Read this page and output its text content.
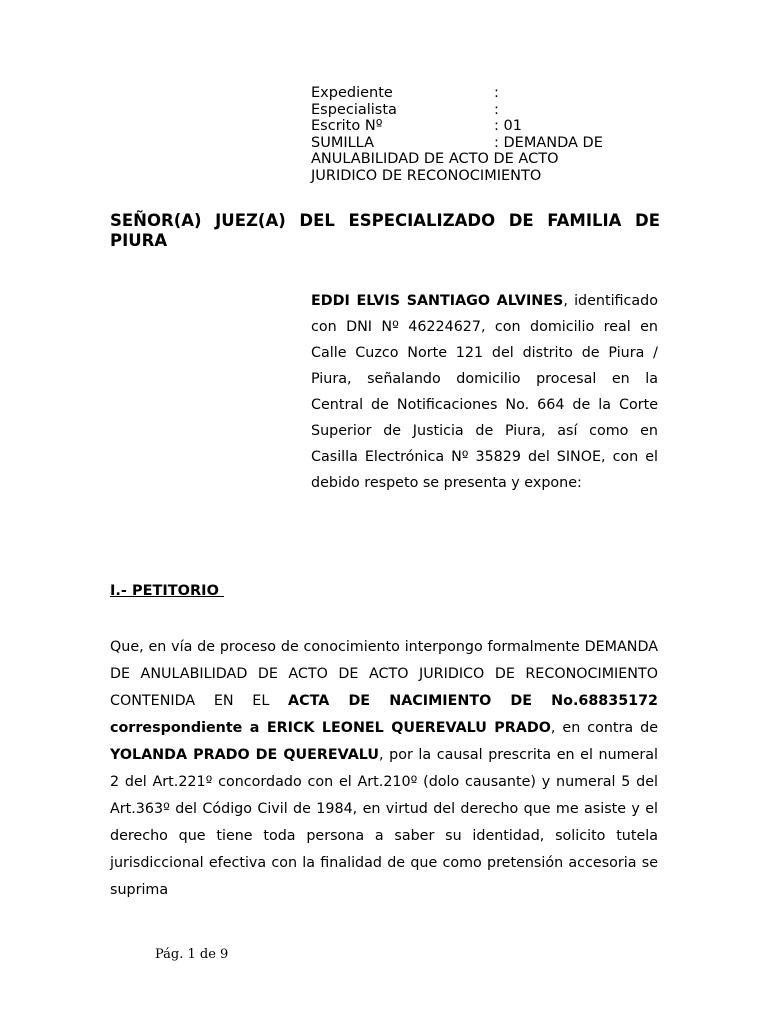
Expediente	:
Especialista	:
Escrito Nº	: 01
SUMILLA	: DEMANDA DE
ANULABILIDAD DE ACTO DE ACTO
JURIDICO DE RECONOCIMIENTO
SEÑOR(A) JUEZ(A) DEL ESPECIALIZADO DE FAMILIA DE PIURA

EDDI ELVIS SANTIAGO ALVINES, identificado con DNI Nº 46224627, con domicilio real en Calle Cuzco Norte 121 del distrito de Piura / Piura, señalando domicilio procesal en la Central de Notificaciones No. 664 de la Corte Superior de Justicia de Piura, así como en Casilla Electrónica Nº 35829 del SINOE, con el debido respeto se presenta y expone:

I.- PETITORIO

Que, en vía de proceso de conocimiento interpongo formalmente DEMANDA DE ANULABILIDAD DE ACTO DE ACTO JURIDICO DE RECONOCIMIENTO CONTENIDA EN EL ACTA DE NACIMIENTO DE No.68835172 correspondiente a ERICK LEONEL QUEREVALU PRADO, en contra de YOLANDA PRADO DE QUEREVALU, por la causal prescrita en el numeral 2 del Art.221º concordado con el Art.210º (dolo causante) y numeral 5 del Art.363º del Código Civil de 1984, en virtud del derecho que me asiste y el derecho que tiene toda persona a saber su identidad, solicito tutela jurisdiccional efectiva con la finalidad de que como pretensión accesoria se suprima

Pág. 1 de 9
